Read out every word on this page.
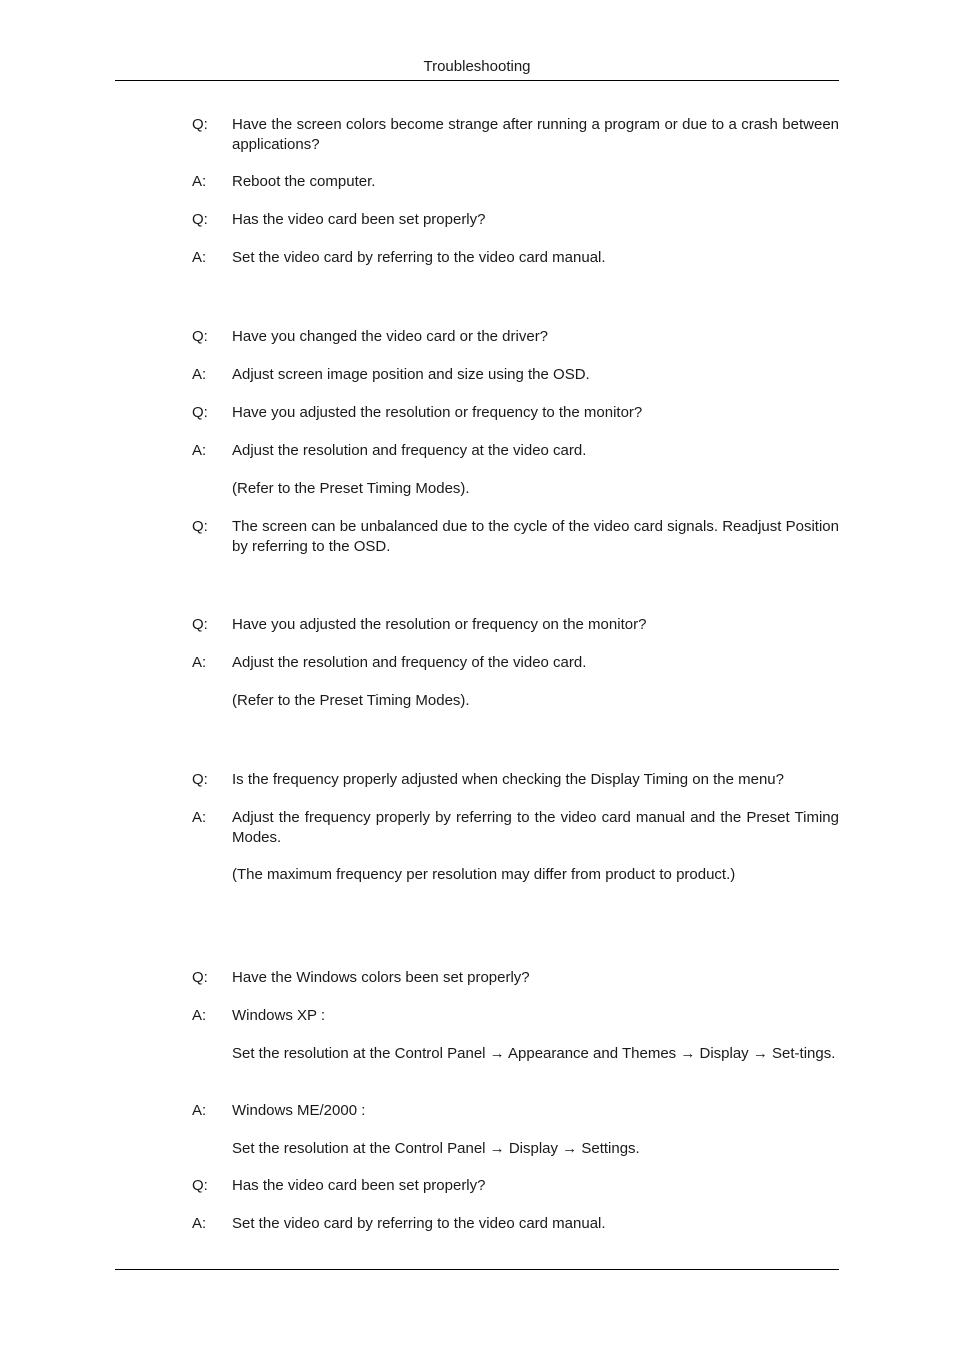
Troubleshooting
Q:	Have the screen colors become strange after running a program or due to a crash between applications?
A:	Reboot the computer.
Q:	Has the video card been set properly?
A:	Set the video card by referring to the video card manual.
Q:	Have you changed the video card or the driver?
A:	Adjust screen image position and size using the OSD.
Q:	Have you adjusted the resolution or frequency to the monitor?
A:	Adjust the resolution and frequency at the video card.
(Refer to the Preset Timing Modes).
Q:	The screen can be unbalanced due to the cycle of the video card signals. Readjust Position by referring to the OSD.
Q:	Have you adjusted the resolution or frequency on the monitor?
A:	Adjust the resolution and frequency of the video card.
(Refer to the Preset Timing Modes).
Q:	Is the frequency properly adjusted when checking the Display Timing on the menu?
A:	Adjust the frequency properly by referring to the video card manual and the Preset Timing Modes.
(The maximum frequency per resolution may differ from product to product.)
Q:	Have the Windows colors been set properly?
A:	Windows XP :
Set the resolution at the Control Panel → Appearance and Themes → Display → Set-tings.
A:	Windows ME/2000 :
Set the resolution at the Control Panel → Display → Settings.
Q:	Has the video card been set properly?
A:	Set the video card by referring to the video card manual.
